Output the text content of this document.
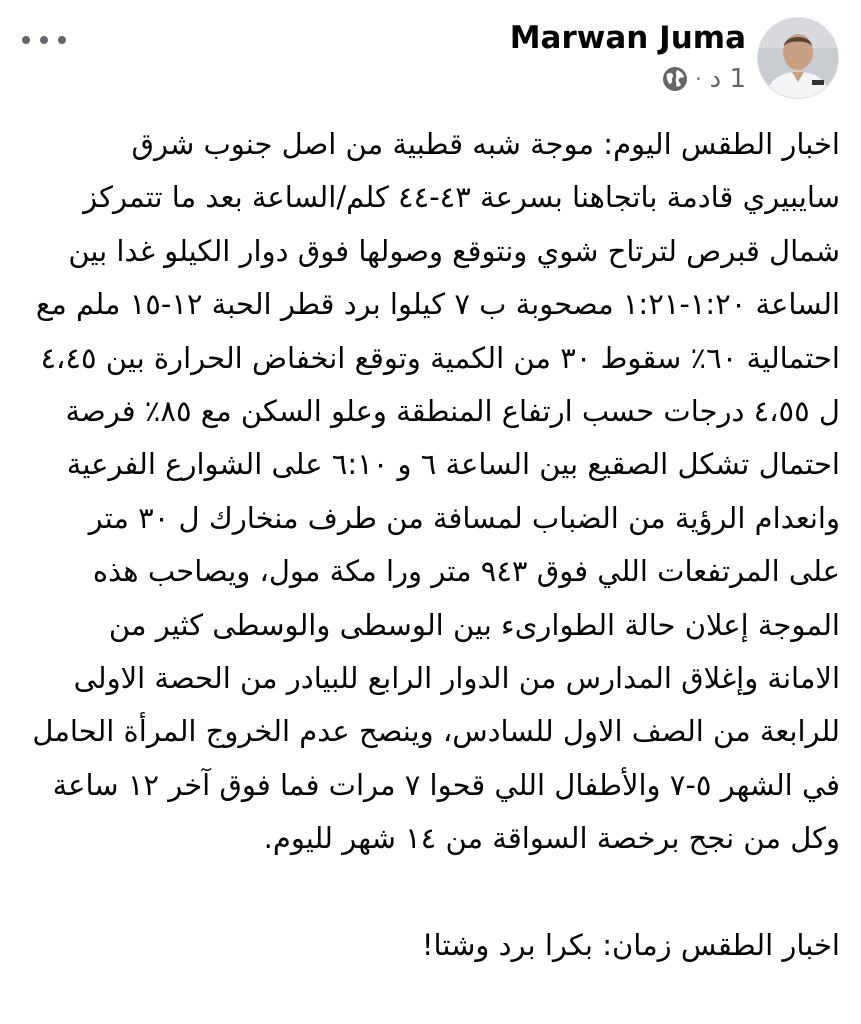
Marwan Juma
· 1 د

اخبار الطقس اليوم: موجة شبه قطبية من اصل جنوب شرق سايبيري قادمة باتجاهنا بسرعة ٤٣-٤٤ كلم/الساعة بعد ما تتمركز شمال قبرص لترتاح شوي ونتوقع وصولها فوق دوار الكيلو غدا بين الساعة ١:٢٠-١:٢١ مصحوبة ب ٧ كيلوا برد قطر الحبة ١٢-١٥ ملم مع احتمالية ٦٠٪ سقوط ٣٠ من الكمية وتوقع انخفاض الحرارة بين ٤،٤٥ ل ٤،٥٥ درجات حسب ارتفاع المنطقة وعلو السكن مع ٨٥٪ فرصة احتمال تشكل الصقيع بين الساعة ٦ و ٦:١٠ على الشوارع الفرعية وانعدام الرؤية من الضباب لمسافة من طرف منخارك ل ٣٠ متر على المرتفعات اللي فوق ٩٤٣ متر ورا مكة مول، ويصاحب هذه الموجة إعلان حالة الطوارىء بين الوسطى والوسطى كثير من الامانة وإغلاق المدارس من الدوار الرابع للبيادر من الحصة الاولى للرابعة من الصف الاول للسادس، وينصح عدم الخروج المرأة الحامل في الشهر ٥-٧ والأطفال اللي قحوا ٧ مرات فما فوق آخر ١٢ ساعة وكل من نجح برخصة السواقة من ١٤ شهر لليوم.

اخبار الطقس زمان: بكرا برد وشتا!
